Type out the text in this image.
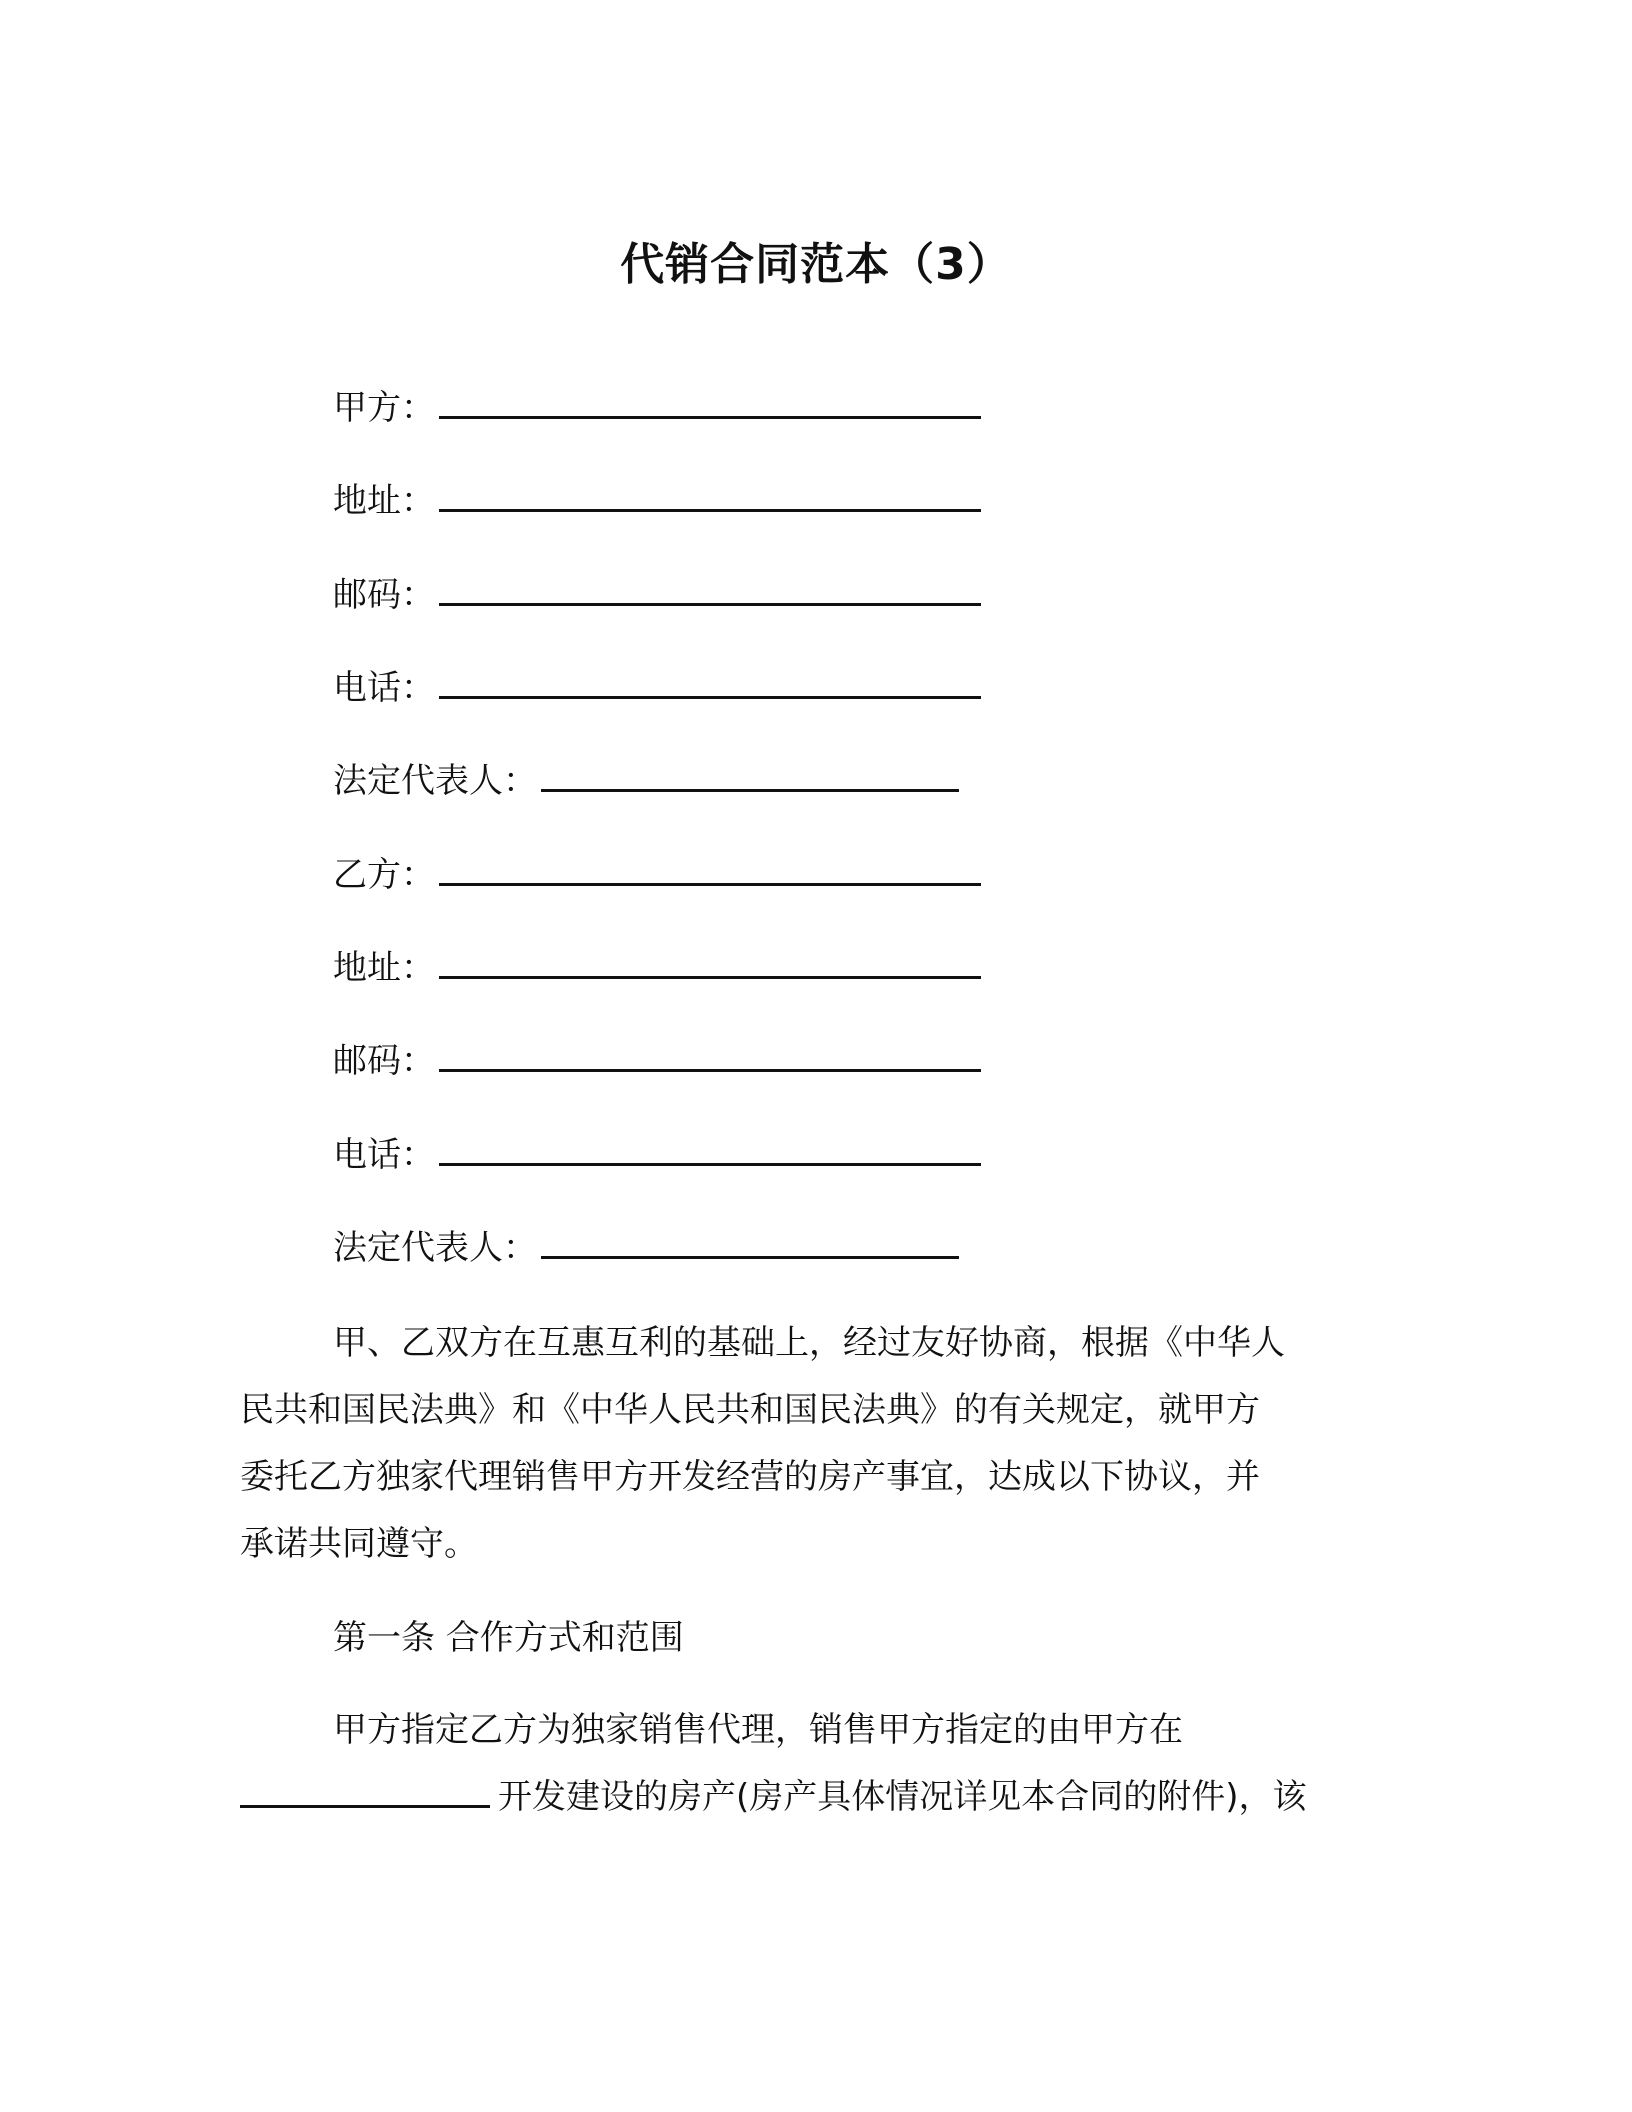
代销合同范本（3）
甲方：
地址：
邮码：
电话：
法定代表人：
乙方：
地址：
邮码：
电话：
法定代表人：

甲、乙双方在互惠互利的基础上，经过友好协商，根据《中华人

民共和国民法典》和《中华人民共和国民法典》的有关规定，就甲方

委托乙方独家代理销售甲方开发经营的房产事宜，达成以下协议，并

承诺共同遵守。

第一条 合作方式和范围

甲方指定乙方为独家销售代理，销售甲方指定的由甲方在

开发建设的房产(房产具体情况详见本合同的附件)，该
